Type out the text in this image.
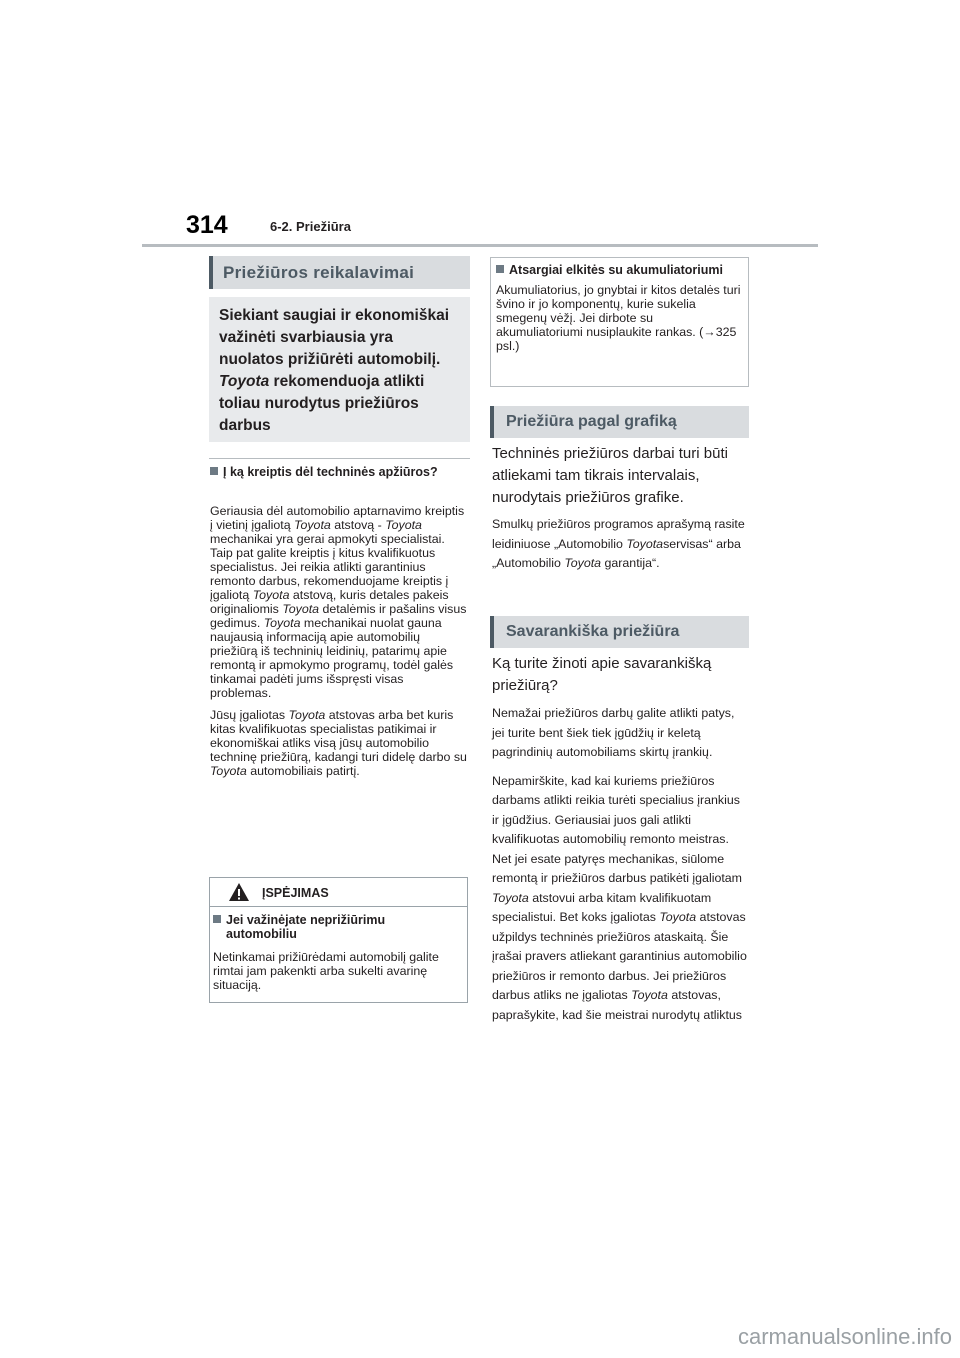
314	6-2. Priežiūra
Priežiūros reikalavimai

Siekiant saugiai ir ekonomiškai

važinėti svarbiausia yra

nuolatos prižiūrėti automobilį.

Toyota rekomenduoja atlikti

toliau nurodytus priežiūros

darbus

Į ką kreiptis dėl techninės apžiūros?

Geriausia dėl automobilio aptarnavimo kreiptis į vietinį įgaliotą Toyota atstovą - Toyota mechanikai yra gerai apmokyti specialistai. Taip pat galite kreiptis į kitus kvalifikuotus specialistus. Jei reikia atlikti garantinius remonto darbus, rekomenduojame kreiptis į įgaliotą Toyota atstovą, kuris detales pakeis originaliomis Toyota detalėmis ir pašalins visus gedimus. Toyota mechanikai nuolat gauna naujausią informaciją apie automobilių priežiūrą iš techninių leidinių, patarimų apie remontą ir apmokymo programų, todėl galės tinkamai padėti jums išspręsti visas problemas.

Jūsų įgaliotas Toyota atstovas arba bet kuris kitas kvalifikuotas specialistas patikimai ir ekonomiškai atliks visą jūsų automobilio techninę priežiūrą, kadangi turi didelę darbo su Toyota automobiliais patirtį.

ĮSPĖJIMAS
Jei važinėjate neprižiūrimu automobiliu
Netinkamai prižiūrėdami automobilį galite rimtai jam pakenkti arba sukelti avarinę situaciją.
Atsargiai elkitės su akumuliatoriumi
Akumuliatorius, jo gnybtai ir kitos detalės turi švino ir jo komponentų, kurie sukelia smegenų vėžį. Jei dirbote su akumuliatoriumi nusiplaukite rankas. (→325 psl.)
Priežiūra pagal grafiką
Techninės priežiūros darbai turi būti atliekami tam tikrais intervalais, nurodytais priežiūros grafike.
Smulkų priežiūros programos aprašymą rasite leidiniuose „Automobilio Toyotaservisas“ arba „Automobilio Toyota garantija“.
Savarankiška priežiūra
Ką turite žinoti apie savarankišką priežiūrą?

Nemažai priežiūros darbų galite atlikti patys, jei turite bent šiek tiek įgūdžių ir keletą pagrindinių automobiliams skirtų įrankių.

Nepamirškite, kad kai kuriems priežiūros darbams atlikti reikia turėti specialius įrankius ir įgūdžius. Geriausiai juos gali atlikti kvalifikuotas automobilių remonto meistras. Net jei esate patyręs mechanikas, siūlome remontą ir priežiūros darbus patikėti įgaliotam Toyota atstovui arba kitam kvalifikuotam specialistui. Bet koks įgaliotas Toyota atstovas užpildys techninės priežiūros ataskaitą. Šie įrašai pravers atliekant garantinius automobilio priežiūros ir remonto darbus. Jei priežiūros darbus atliks ne įgaliotas Toyota atstovas, paprašykite, kad šie meistrai nurodytų atliktus

carmanualsonline.info
